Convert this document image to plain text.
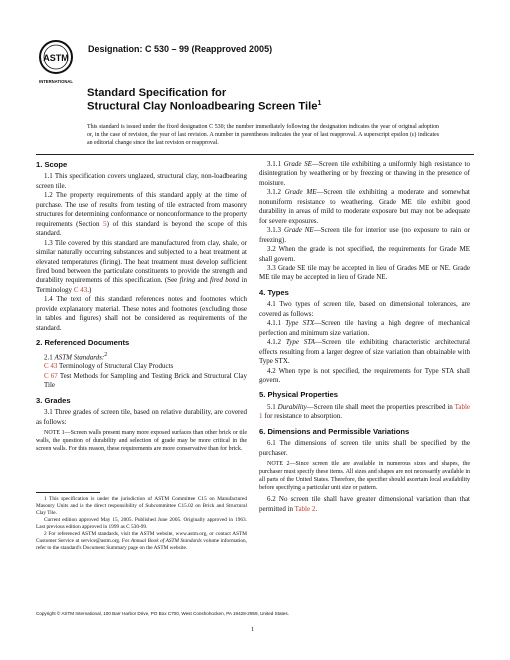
ASTM
INTERNATIONAL
Designation: C 530 – 99 (Reapproved 2005)
Standard Specification for
Structural Clay Nonloadbearing Screen Tile$^1$
This standard is issued under the fixed designation C 530; the number immediately following the designation indicates the year of original adoption or, in the case of revision, the year of last revision. A number in parentheses indicates the year of last reapproval. A superscript epsilon (ε) indicates an editorial change since the last revision or reapproval.
1. Scope

1.1 This specification covers unglazed, structural clay, non-loadbearing screen tile.

1.2 The property requirements of this standard apply at the time of purchase. The use of results from testing of tile extracted from masonry structures for determining conformance or nonconformance to the property requirements (Section 5) of this standard is beyond the scope of this standard.

1.3 Tile covered by this standard are manufactured from clay, shale, or similar naturally occurring substances and subjected to a heat treatment at elevated temperatures (firing). The heat treatment must develop sufficient fired bond between the particulate constituents to provide the strength and durability requirements of this specification. (See firing and fired bond in Terminology C 43.)

1.4 The text of this standard references notes and footnotes which provide explanatory material. These notes and footnotes (excluding those in tables and figures) shall not be considered as requirements of the standard.

2. Referenced Documents

2.1 ASTM Standards:$^2$

C 43 Terminology of Structural Clay Products

C 67 Test Methods for Sampling and Testing Brick and Structural Clay Tile

3. Grades

3.1 Three grades of screen tile, based on relative durability, are covered as follows:

NOTE 1—Screen walls present many more exposed surfaces than other brick or tile walls, the question of durability and selection of grade may be more critical in the screen walls. For this reason, these requirements are more conservative than for brick.

1 This specification is under the jurisdiction of ASTM Committee C15 on Manufactured Masonry Units and is the direct responsibility of Subcommittee C15.02 on Brick and Structural Clay Tile.

Current edition approved May 15, 2005. Published June 2005. Originally approved in 1963. Last previous edition approved in 1999 as C 530-99.

2 For referenced ASTM standards, visit the ASTM website, www.astm.org, or contact ASTM Customer Service at service@astm.org. For Annual Book of ASTM Standards volume information, refer to the standard's Document Summary page on the ASTM website.

3.1.1 Grade SE—Screen tile exhibiting a uniformly high resistance to disintegration by weathering or by freezing or thawing in the presence of moisture.

3.1.2 Grade ME—Screen tile exhibiting a moderate and somewhat nonuniform resistance to weathering. Grade ME tile exhibit good durability in areas of mild to moderate exposure but may not be adequate for severe exposures.

3.1.3 Grade NE—Screen tile for interior use (no exposure to rain or freezing).

3.2 When the grade is not specified, the requirements for Grade ME shall govern.

3.3 Grade SE tile may be accepted in lieu of Grades ME or NE. Grade ME tile may be accepted in lieu of Grade NE.

4. Types

4.1 Two types of screen tile, based on dimensional tolerances, are covered as follows:

4.1.1 Type STX—Screen tile having a high degree of mechanical perfection and minimum size variation.

4.1.2 Type STA—Screen tile exhibiting characteristic architectural effects resulting from a larger degree of size variation than obtainable with Type STX.

4.2 When type is not specified, the requirements for Type STA shall govern.

5. Physical Properties

5.1 Durability—Screen tile shall meet the properties prescribed in Table 1 for resistance to absorption.

6. Dimensions and Permissible Variations

6.1 The dimensions of screen tile units shall be specified by the purchaser.

NOTE 2—Since screen tile are available in numerous sizes and shapes, the purchaser must specify these items. All sizes and shapes are not necessarily available in all parts of the United States. Therefore, the specifier should ascertain local availability before specifying a particular unit size or pattern.

6.2 No screen tile shall have greater dimensional variation than that permitted in Table 2.

Copyright © ASTM International, 100 Barr Harbor Drive, PO Box C700, West Conshohocken, PA 19428-2959, United States.
1
